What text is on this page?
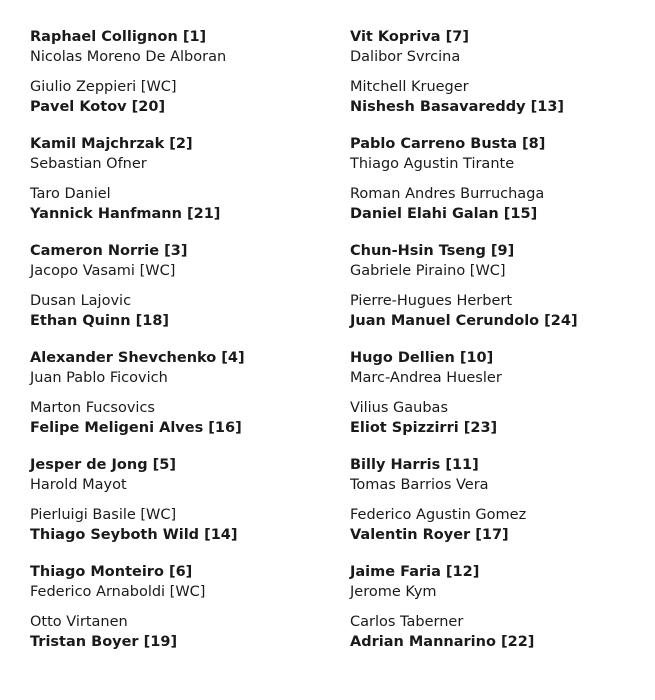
Raphael Collignon [1]
Nicolas Moreno De Alboran
Giulio Zeppieri [WC]
Pavel Kotov [20]
Kamil Majchrzak [2]
Sebastian Ofner
Taro Daniel
Yannick Hanfmann [21]
Cameron Norrie [3]
Jacopo Vasami [WC]
Dusan Lajovic
Ethan Quinn [18]
Alexander Shevchenko [4]
Juan Pablo Ficovich
Marton Fucsovics
Felipe Meligeni Alves [16]
Jesper de Jong [5]
Harold Mayot
Pierluigi Basile [WC]
Thiago Seyboth Wild [14]
Thiago Monteiro [6]
Federico Arnaboldi [WC]
Otto Virtanen
Tristan Boyer [19]
Vit Kopriva [7]
Dalibor Svrcina
Mitchell Krueger
Nishesh Basavareddy [13]
Pablo Carreno Busta [8]
Thiago Agustin Tirante
Roman Andres Burruchaga
Daniel Elahi Galan [15]
Chun-Hsin Tseng [9]
Gabriele Piraino [WC]
Pierre-Hugues Herbert
Juan Manuel Cerundolo [24]
Hugo Dellien [10]
Marc-Andrea Huesler
Vilius Gaubas
Eliot Spizzirri [23]
Billy Harris [11]
Tomas Barrios Vera
Federico Agustin Gomez
Valentin Royer [17]
Jaime Faria [12]
Jerome Kym
Carlos Taberner
Adrian Mannarino [22]
